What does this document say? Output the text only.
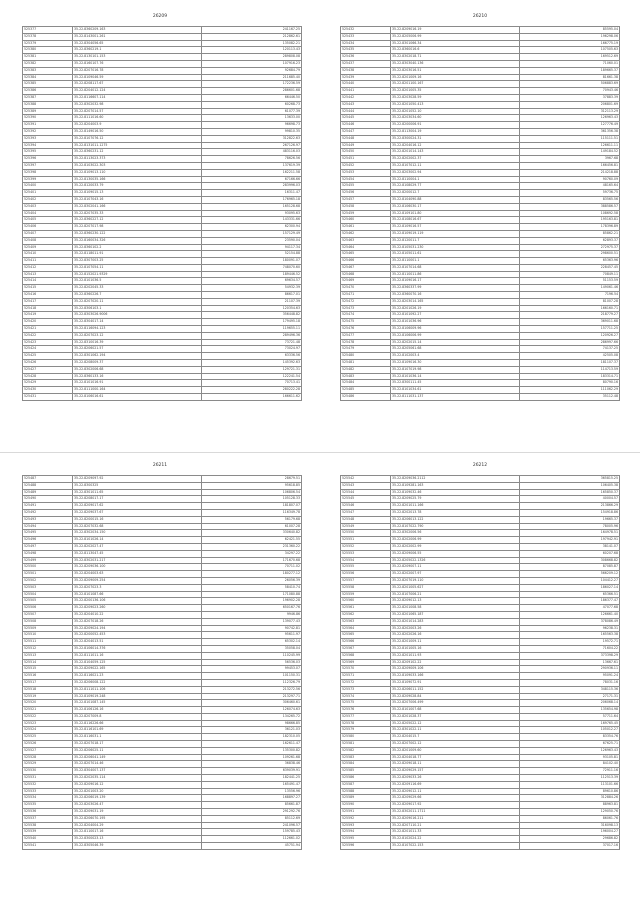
26209
525377	35.22.8360209.163	241167.25
525378	35.22.8143001.261	212862.61
525379	35.22.8304056.65	135082.21
525380	35.22.8360219.1	120113.43
525381	35.22.8130101.153	289808.08
525382	35.22.8160107.76	107916.23
525383	35.22.8207016.78	92684.79
525384	35.22.8109046.59	211685.40
525385	35.22.8208117.67	172236.59
525386	35.22.8204012.124	286601.68
525387	35.22.8116607.114	66446.50
525388	35.22.8302032.98	60268.73
525389	35.22.8207014.57	61077.39
525390	35.22.8111016.60	13633.00
525391	35.22.8204003.9	96698.73
525392	35.22.8149016.50	99810.35
525393	35.22.8107076.12	312822.63
525394	35.22.8131011.1275	267126.97
525395	35.22.8360231.12	483116.03
525396	35.22.8113023.373	78626.56
525397	35.22.8103022.303	137619.39
525398	35.22.8109013.110	162211.58
525399	35.22.8130035.166	67166.66
525400	35.22.8120033.79	283996.03
525401	35.22.8109015.13	16311.47
525402	35.22.8107043.16	176965.18
525403	35.22.8302041.166	165128.68
525404	35.22.8207035.33	93095.63
525405	35.22.8360227.12	143331.66
525406	35.22.8207017.98	62300.94
525407	35.22.8360230.122	157129.49
525408	35.22.8160034.326	23590.04
525409	35.22.8360102.2	94117.34
525410	35.22.8118011.91	52154.88
525411	35.22.8307003.25	180091.07
525412	35.22.8107054.11	748070.60
525413	35.22.8152021.9329	189446.52
525414	35.22.8101036.5	69634.57
525415	35.22.8202045.33	54932.39
525416	35.22.8360226.7	86617.01
525417	35.22.8207020.11	21107.39
525418	35.22.8306103.1	120354.63
525419	35.22.8303026.9006	356448.82
525420	35.22.8304017.14	179495.18
525421	35.22.8116094.123	119655.11
525422	35.22.8207023.12	289496.36
525423	35.22.8310016.39	73721.48
525424	35.22.8206021.57	73024.97
525425	35.22.8301062.194	63336.56
525426	35.22.8208009.37	145392.63
525427	35.22.8302006.68	129721.31
525428	35.22.8360133.16	122241.54
525429	35.22.8101016.91	70713.41
525430	35.22.8111000.164	280222.28
525431	35.22.8106016.61	166611.62
26210
525432	35.22.8209016.19	85595.04
525433	35.22.8205006.99	196298.06
525434	35.22.8301066.34	166775.19
525435	35.22.8360016.6	107505.63
525436	35.22.8302018.71	169512.69
525437	35.22.8303040.136	71060.01
525438	35.22.8203016.51	189665.37
525439	35.22.8201009.16	81661.38
525440	35.22.8201100.167	506883.69
525441	35.22.8201005.35	70943.46
525442	35.22.8203028.59	37883.39
525443	35.22.8201050.413	206801.69
525444	35.22.8201052.10	312113.29
525445	35.22.8203034.60	126963.43
525446	35.22.8200006.91	127776.49
525447	35.22.8113004.19	361356.38
525448	35.22.8300024.31	115111.51
525449	35.22.8204016.12	126611.11
525450	35.22.8201014.143	149184.52
525451	35.22.8202002.37	3967.68
525452	35.22.8107012.11	166456.81
525453	35.22.8203002.94	214218.88
525454	35.22.8110004.1	90760.09
525455	35.22.8108029.77	48165.64
525456	35.22.8200012.7	59736.75
525457	35.22.8104090.88	83565.56
525458	35.22.8106030.17	388586.57
525459	35.22.8109101.80	108692.58
525460	35.22.8108016.67	195163.81
525461	35.22.8109016.57	178396.89
525462	35.22.8109019.119	85862.21
525463	35.22.8120011.7	62893.37
525464	35.22.8105031.230	272975.37
525465	35.22.8105011.61	298600.51
525466	35.22.8110001.1	65363.96
525467	35.22.8107014.68	228457.45
525468	35.22.8110011.86	70849.11
525469	35.22.8109016.17	51153.59
525470	35.22.8360337.99	149061.46
525471	35.22.8360070.16	7196.54
525472	35.22.8203014.165	81007.28
525473	35.22.8201026.19	166160.71
525474	35.22.8101092.27	218779.27
525475	35.22.8101036.96	369011.68
525476	35.22.8106009.96	157711.25
525477	35.22.8106006.99	120926.27
525478	35.22.8202015.14	286997.66
525479	35.22.8205061.68	74137.25
525480	35.22.8102003.4	42505.08
525481	35.22.8109016.30	181107.37
525482	35.22.8107019.98	114713.59
525483	35.22.8101036.14	183314.71
525484	35.22.8300111.45	80790.16
525485	35.22.8101034.61	111062.29
525486	35.22.8111031.137	35112.48
26211
525487	35.22.8209097.92	28679.51
525488	35.22.8300325	95618.85
525489	35.22.8301011.65	106806.54
525490	35.22.8208017.17	105128.33
525491	35.22.8209017.62	181807.07
525492	35.22.8209037.67	116349.78
525493	35.22.8200015.16	56179.68
525494	35.22.8207032.68	61007.28
525495	35.22.8302034.150	330640.82
525496	35.22.8101026.14	62421.55
525497	35.22.8202027.47	231360.22
525498	35.22.8113047.45	34297.22
525499	35.22.8302031.217	171670.68
525500	35.22.8209036.100	70711.02
525501	35.22.8204003.63	180277.12
525502	35.22.8209009.254	26056.39
525503	35.22.8207023.3	58410.74
525504	35.22.8101087.66	171080.88
525505	35.22.8200136.106	196902.28
525506	35.22.8209023.260	650167.76
525507	35.22.8204010.22	9946.86
525508	35.22.8207018.26	139077.43
525509	35.22.8209024.194	90742.81
525510	35.22.8200052.453	95611.97
525511	35.22.8204013.51	65302.14
525512	35.22.8106014.376	35058.04
525513	35.22.8111011.16	110245.99
525514	35.22.8104059.125	56536.03
525515	35.22.8209022.165	99453.07
525516	35.22.8116021.23	101150.31
525517	35.22.8206008.122	112326.79
525518	35.22.8111011.106	213272.56
525519	35.22.8109019.248	213297.71
525520	35.22.8101087.145	306460.61
525521	35.22.8106126.16	126074.63
525522	35.22.8207009.8	134265.72
525523	35.22.8116226.66	98666.85
525524	35.22.8116101.69	36121.03
525525	35.22.8116031.1	182310.05
525526	35.22.8207018.17	162611.47
525527	35.22.8206025.11	135300.82
525528	35.22.8206041.149	109261.68
525529	35.22.8207014.46	36838.46
525530	35.22.8304007.137	639039.91
525531	35.22.8202035.114	182441.25
525532	35.22.8209016.12	165491.47
525533	35.22.8201003.20	13556.96
525534	35.22.8206019.139	168897.27
525535	35.22.8203026.47	85661.87
525536	35.22.8209031.19	291292.76
525537	35.22.8206070.195	85112.69
525538	35.22.8204004.29	241096.57
525539	35.22.8110017.16	159785.43
525540	35.22.8300023.13	112661.02
525541	35.22.8305046.39	45751.94
26212
525542	35.22.8209036.2112	365815.25
525543	35.22.8109281.163	106405.38
525544	35.22.8109032.46	165850.37
525545	35.22.8209025.79	40004.57
525546	35.22.8201011.166	213866.29
525547	35.22.8202013.78	154918.86
525548	35.22.8206013.122	19665.37
525549	35.22.8107022.790	78005.96
525550	35.22.8302006.56	164978.51
525551	35.22.8202006.99	197942.91
525552	35.22.8202002.99	38141.07
525553	35.22.8209006.55	60207.68
525554	35.22.8205022.1326	308668.82
525555	35.22.8209007.11	87085.87
525556	35.22.8202007.97	566209.12
525557	35.22.8207019.110	104412.27
525558	35.22.8201005.627	186027.14
525559	35.22.8107006.21	65366.51
525560	35.22.8209012.13	186377.47
525561	35.22.8201008.58	47077.68
525562	35.22.8201065.187	126661.40
525563	35.22.8201014.283	378086.49
525564	35.22.8202003.26	96238.31
525565	35.22.8202026.16	165563.38
525566	35.22.8201009.11	19572.71
525567	35.22.8101005.16	71604.22
525568	35.22.8201011.93	373398.29
525569	35.22.8209102.22	13667.61
525570	35.22.8209009.106	290936.11
525571	35.22.8109033.166	95091.24
525572	35.22.8109072.91	78031.16
525573	35.22.8206011.152	348115.36
525574	35.22.8209028.84	27171.31
525575	35.22.8207006.499	206068.14
525576	35.22.8101007.68	135654.98
525577	35.22.8201028.37	57711.64
525578	35.22.8205022.12	169765.45
525579	35.22.8301022.11	105012.27
525580	35.22.8204015.7	83354.76
525581	35.22.8207002.12	67625.71
525582	35.22.8201009.60	126963.43
525583	35.22.8204018.77	93105.81
525584	35.22.8209018.11	84102.40
525585	35.22.8209029.157	72911.16
525586	35.22.8209033.26	112513.39
525587	35.22.8209116.69	113101.66
525588	35.22.8209012.11	89610.86
525589	35.22.8209029.66	312884.26
525590	35.22.8209017.92	88963.81
525591	35.22.8302011.1711	129050.76
525592	35.22.8209016.211	86061.76
525593	35.22.8207110.21	316098.13
525594	35.22.8201011.33	196004.27
525595	35.22.8102024.22	29686.82
525596	35.22.8107022.153	37017.16
